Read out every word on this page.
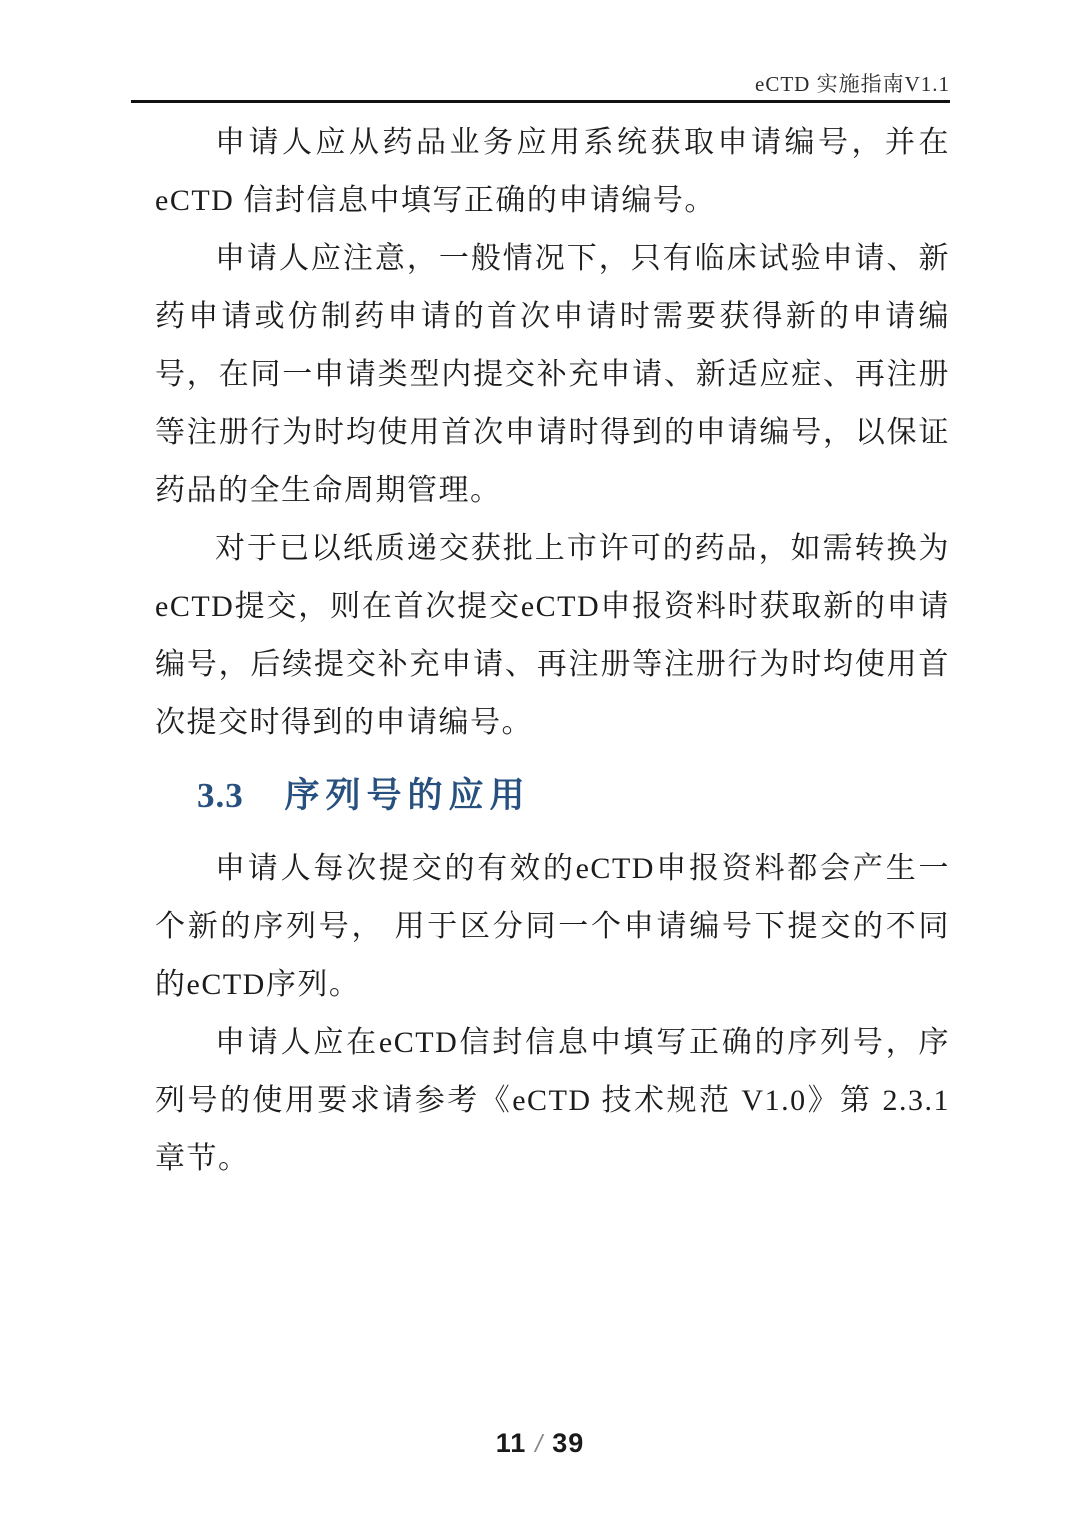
eCTD 实施指南V1.1

申请人应从药品业务应用系统获取申请编号，并在eCTD 信封信息中填写正确的申请编号。

申请人应注意，一般情况下，只有临床试验申请、新药申请或仿制药申请的首次申请时需要获得新的申请编号，在同一申请类型内提交补充申请、新适应症、再注册等注册行为时均使用首次申请时得到的申请编号，以保证药品的全生命周期管理。

对于已以纸质递交获批上市许可的药品，如需转换为eCTD提交，则在首次提交eCTD申报资料时获取新的申请编号，后续提交补充申请、再注册等注册行为时均使用首次提交时得到的申请编号。

3.3 序列号的应用

申请人每次提交的有效的eCTD申报资料都会产生一个新的序列号， 用于区分同一个申请编号下提交的不同的eCTD序列。

申请人应在eCTD信封信息中填写正确的序列号，序列号的使用要求请参考《eCTD 技术规范 V1.0》第 2.3.1 章节。

11 / 39
